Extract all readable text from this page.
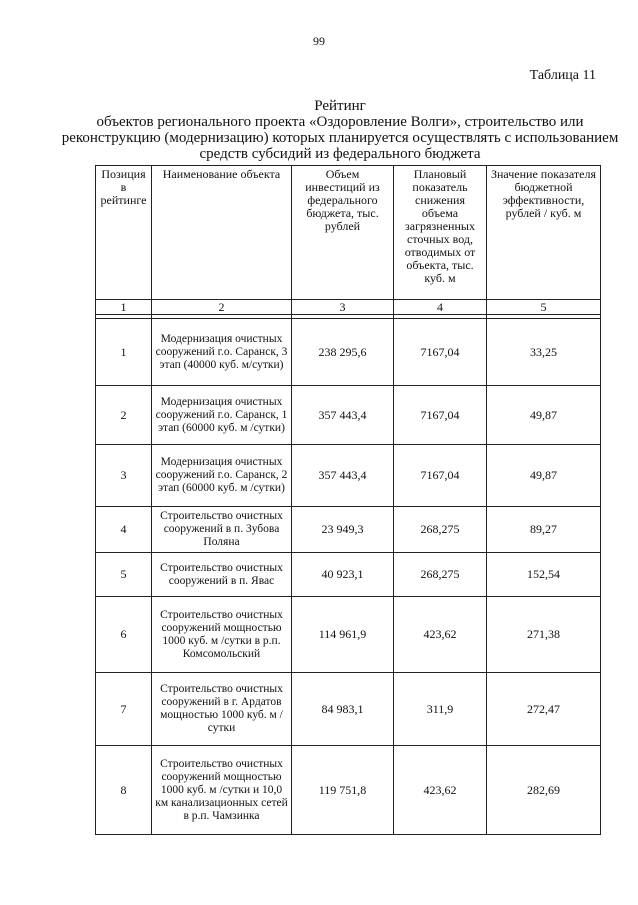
99
Таблица 11
Рейтинг
объектов регионального проекта «Оздоровление Волги», строительство или реконструкцию (модернизацию) которых планируется осуществлять с использованием средств субсидий из федерального бюджета
Позиция в рейтинге	Наименование объекта	Объем инвестиций из федерального бюджета, тыс. рублей	Плановый показатель снижения объема загрязненных сточных вод, отводимых от объекта, тыс. куб. м	Значение показателя бюджетной эффективности, рублей / куб. м
1	2	3	4	5

1	Модернизация очистных сооружений г.о. Саранск, 3 этап (40000 куб. м/сутки)	238 295,6	7167,04	33,25
2	Модернизация очистных сооружений г.о. Саранск, 1 этап (60000 куб. м /сутки)	357 443,4	7167,04	49,87
3	Модернизация очистных сооружений г.о. Саранск, 2 этап (60000 куб. м /сутки)	357 443,4	7167,04	49,87
4	Строительство очистных сооружений в п. Зубова Поляна	23 949,3	268,275	89,27
5	Строительство очистных сооружений в п. Явас	40 923,1	268,275	152,54
6	Строительство очистных сооружений мощностью 1000 куб. м /сутки в р.п. Комсомольский	114 961,9	423,62	271,38
7	Строительство очистных сооружений в г. Ардатов мощностью 1000 куб. м /сутки	84 983,1	311,9	272,47
8	Строительство очистных сооружений мощностью 1000 куб. м /сутки и 10,0 км канализационных сетей в р.п. Чамзинка	119 751,8	423,62	282,69
